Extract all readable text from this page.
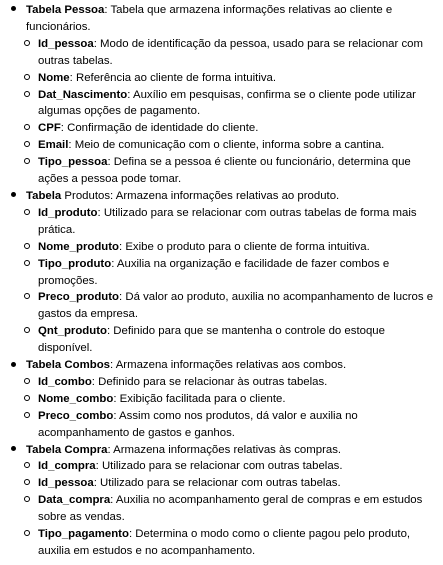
Tabela Pessoa: Tabela que armazena informações relativas ao cliente e funcionários.

Id_pessoa: Modo de identificação da pessoa, usado para se relacionar com outras tabelas.
Nome: Referência ao cliente de forma intuitiva.
Dat_Nascimento: Auxílio em pesquisas, confirma se o cliente pode utilizar algumas opções de pagamento.
CPF: Confirmação de identidade do cliente.
Email: Meio de comunicação com o cliente, informa sobre a cantina.
Tipo_pessoa: Defina se a pessoa é cliente ou funcionário, determina que ações a pessoa pode tomar.

Tabela Produtos: Armazena informações relativas ao produto.

Id_produto: Utilizado para se relacionar com outras tabelas de forma mais prática.
Nome_produto: Exibe o produto para o cliente de forma intuitiva.
Tipo_produto: Auxilia na organização e facilidade de fazer combos e promoções.
Preco_produto: Dá valor ao produto, auxilia no acompanhamento de lucros e gastos da empresa.
Qnt_produto: Definido para que se mantenha o controle do estoque disponível.

Tabela Combos: Armazena informações relativas aos combos.

Id_combo: Definido para se relacionar às outras tabelas.
Nome_combo: Exibição facilitada para o cliente.
Preco_combo: Assim como nos produtos, dá valor e auxilia no acompanhamento de gastos e ganhos.

Tabela Compra: Armazena informações relativas às compras.

Id_compra: Utilizado para se relacionar com outras tabelas.
Id_pessoa: Utilizado para se relacionar com outras tabelas.
Data_compra: Auxilia no acompanhamento geral de compras e em estudos sobre as vendas.
Tipo_pagamento: Determina o modo como o cliente pagou pelo produto, auxilia em estudos e no acompanhamento.
